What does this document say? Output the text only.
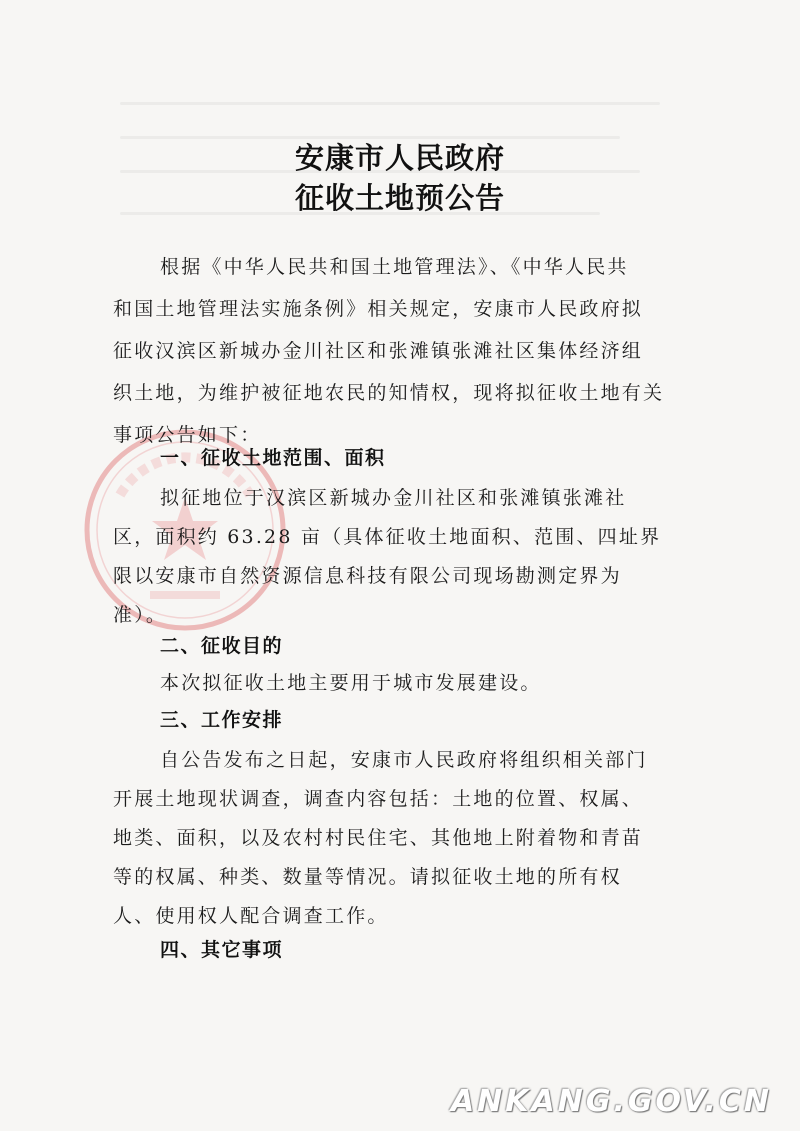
安康市人民政府
征收土地预公告
根据《中华人民共和国土地管理法》、《中华人民共
和国土地管理法实施条例》相关规定，安康市人民政府拟
征收汉滨区新城办金川社区和张滩镇张滩社区集体经济组
织土地，为维护被征地农民的知情权，现将拟征收土地有关
事项公告如下：
一、征收土地范围、面积
拟征地位于汉滨区新城办金川社区和张滩镇张滩社
区，面积约 63.28 亩（具体征收土地面积、范围、四址界
限以安康市自然资源信息科技有限公司现场勘测定界为
准）。
二、征收目的
本次拟征收土地主要用于城市发展建设。
三、工作安排
自公告发布之日起，安康市人民政府将组织相关部门
开展土地现状调查，调查内容包括：土地的位置、权属、
地类、面积，以及农村村民住宅、其他地上附着物和青苗
等的权属、种类、数量等情况。请拟征收土地的所有权
人、使用权人配合调查工作。
四、其它事项
ANKANG.GOV.CN
